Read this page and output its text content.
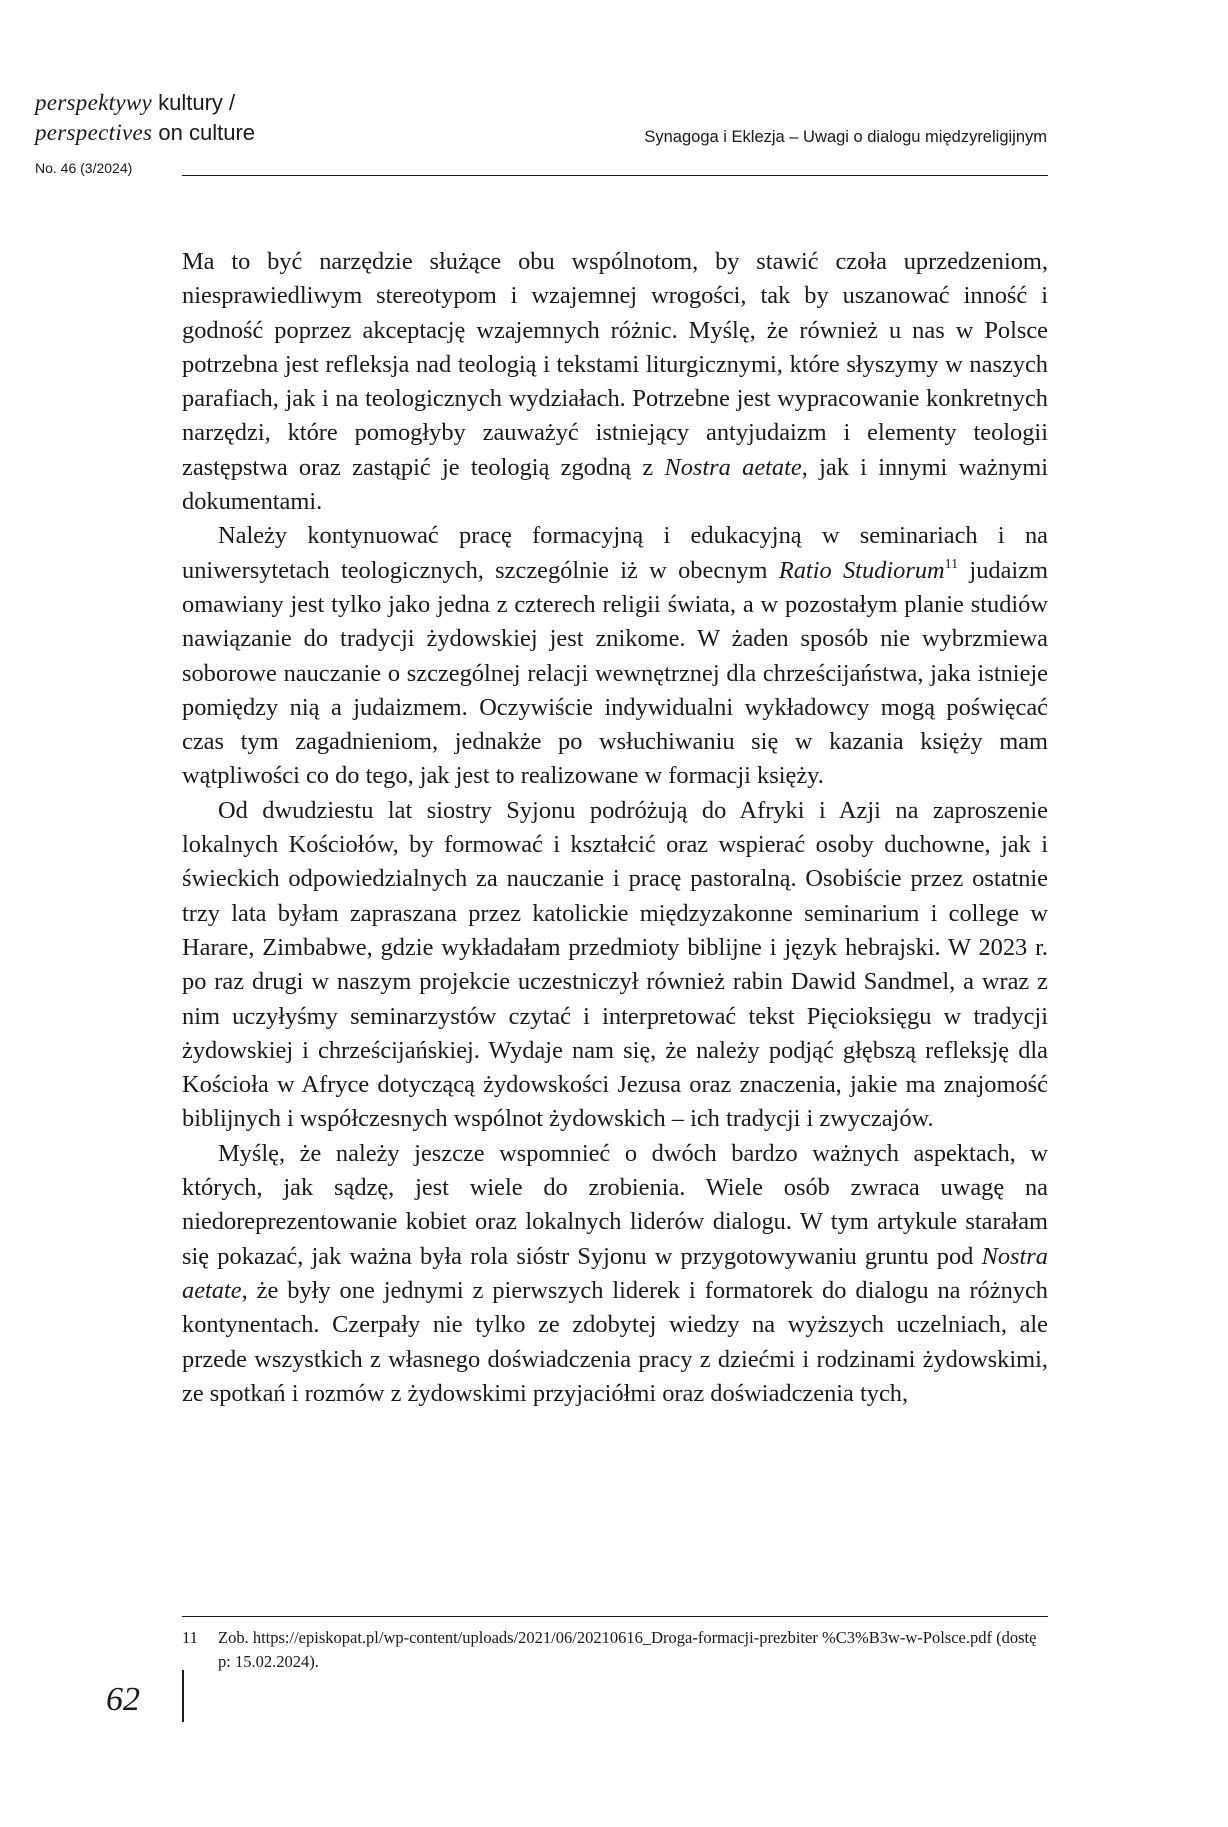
perspektywy kultury /
perspectives on culture
No. 46 (3/2024)
Synagoga i Eklezja – Uwagi o dialogu międzyreligijnym

Ma to być narzędzie służące obu wspólnotom, by stawić czoła uprzedzeniom, niesprawiedliwym stereotypom i wzajemnej wrogości, tak by uszanować inność i godność poprzez akceptację wzajemnych różnic. Myślę, że również u nas w Polsce potrzebna jest refleksja nad teologią i tekstami liturgicznymi, które słyszymy w naszych parafiach, jak i na teologicznych wydziałach. Potrzebne jest wypracowanie konkretnych narzędzi, które pomogłyby zauważyć istniejący antyjudaizm i elementy teologii zastępstwa oraz zastąpić je teologią zgodną z Nostra aetate, jak i innymi ważnymi dokumentami.

Należy kontynuować pracę formacyjną i edukacyjną w seminariach i na uniwersytetach teologicznych, szczególnie iż w obecnym Ratio Studiorum$^{11}$ judaizm omawiany jest tylko jako jedna z czterech religii świata, a w pozostałym planie studiów nawiązanie do tradycji żydowskiej jest znikome. W żaden sposób nie wybrzmiewa soborowe nauczanie o szczególnej relacji wewnętrznej dla chrześcijaństwa, jaka istnieje pomiędzy nią a judaizmem. Oczywiście indywidualni wykładowcy mogą poświęcać czas tym zagadnieniom, jednakże po wsłuchiwaniu się w kazania księży mam wątpliwości co do tego, jak jest to realizowane w formacji księży.

Od dwudziestu lat siostry Syjonu podróżują do Afryki i Azji na zaproszenie lokalnych Kościołów, by formować i kształcić oraz wspierać osoby duchowne, jak i świeckich odpowiedzialnych za nauczanie i pracę pastoralną. Osobiście przez ostatnie trzy lata byłam zapraszana przez katolickie międzyzakonne seminarium i college w Harare, Zimbabwe, gdzie wykładałam przedmioty biblijne i język hebrajski. W 2023 r. po raz drugi w naszym projekcie uczestniczył również rabin Dawid Sandmel, a wraz z nim uczyłyśmy seminarzystów czytać i interpretować tekst Pięcioksięgu w tradycji żydowskiej i chrześcijańskiej. Wydaje nam się, że należy podjąć głębszą refleksję dla Kościoła w Afryce dotyczącą żydowskości Jezusa oraz znaczenia, jakie ma znajomość biblijnych i współczesnych wspólnot żydowskich – ich tradycji i zwyczajów.

Myślę, że należy jeszcze wspomnieć o dwóch bardzo ważnych aspektach, w których, jak sądzę, jest wiele do zrobienia. Wiele osób zwraca uwagę na niedoreprezentowanie kobiet oraz lokalnych liderów dialogu. W tym artykule starałam się pokazać, jak ważna była rola sióstr Syjonu w przygotowywaniu gruntu pod Nostra aetate, że były one jednymi z pierwszych liderek i formatorek do dialogu na różnych kontynentach. Czerpały nie tylko ze zdobytej wiedzy na wyższych uczelniach, ale przede wszystkich z własnego doświadczenia pracy z dziećmi i rodzinami żydowskimi, ze spotkań i rozmów z żydowskimi przyjaciółmi oraz doświadczenia tych,

11 Zob. https://episkopat.pl/wp-content/uploads/2021/06/20210616_Droga-formacji-prezbiter %C3%B3w-w-Polsce.pdf (dostęp: 15.02.2024).
62
